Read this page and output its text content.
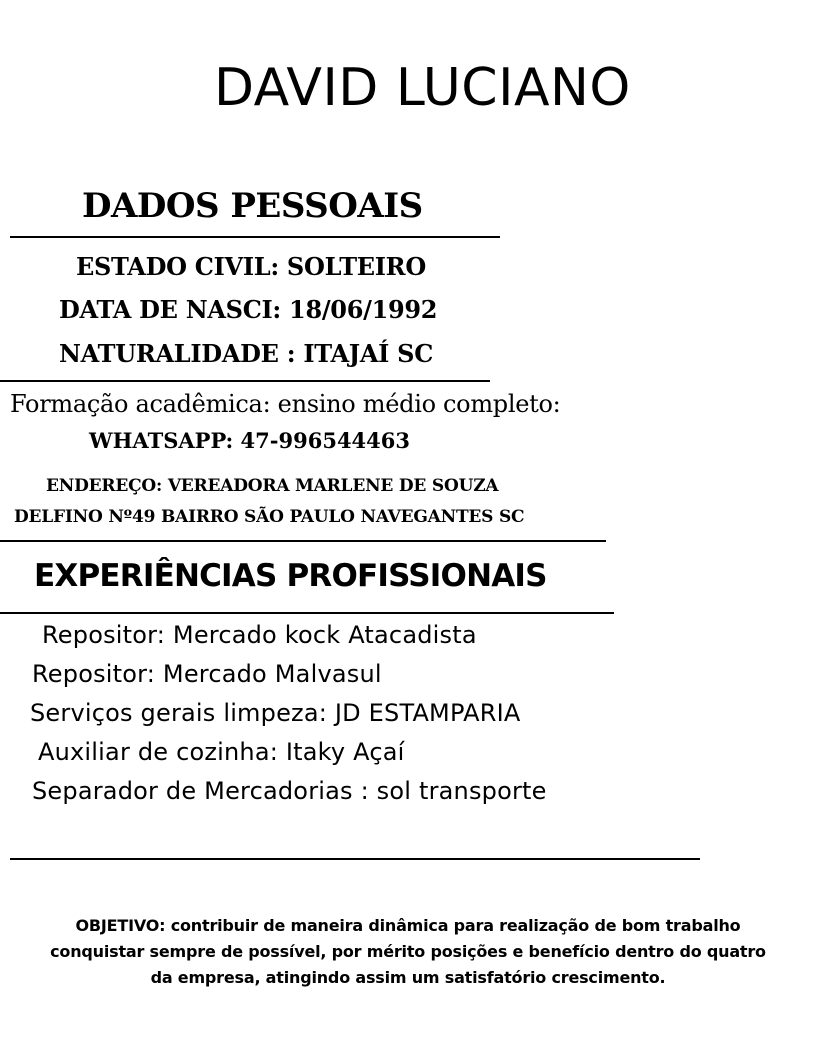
DAVID LUCIANO
DADOS PESSOAIS
ESTADO CIVIL: SOLTEIRO
DATA DE NASCI: 18/06/1992
NATURALIDADE : ITAJAÍ SC
Formação acadêmica: ensino médio completo:
WHATSAPP: 47-996544463
ENDEREÇO: VEREADORA MARLENE DE SOUZA
DELFINO Nº49 BAIRRO SÃO PAULO NAVEGANTES SC
EXPERIÊNCIAS PROFISSIONAIS
Repositor: Mercado kock Atacadista
Repositor: Mercado Malvasul
Serviços gerais limpeza: JD ESTAMPARIA
Auxiliar de cozinha: Itaky Açaí
Separador de Mercadorias : sol transporte
OBJETIVO: contribuir de maneira dinâmica para realização de bom trabalho
conquistar sempre de possível, por mérito posições e benefício dentro do quatro
da empresa, atingindo assim um satisfatório crescimento.
